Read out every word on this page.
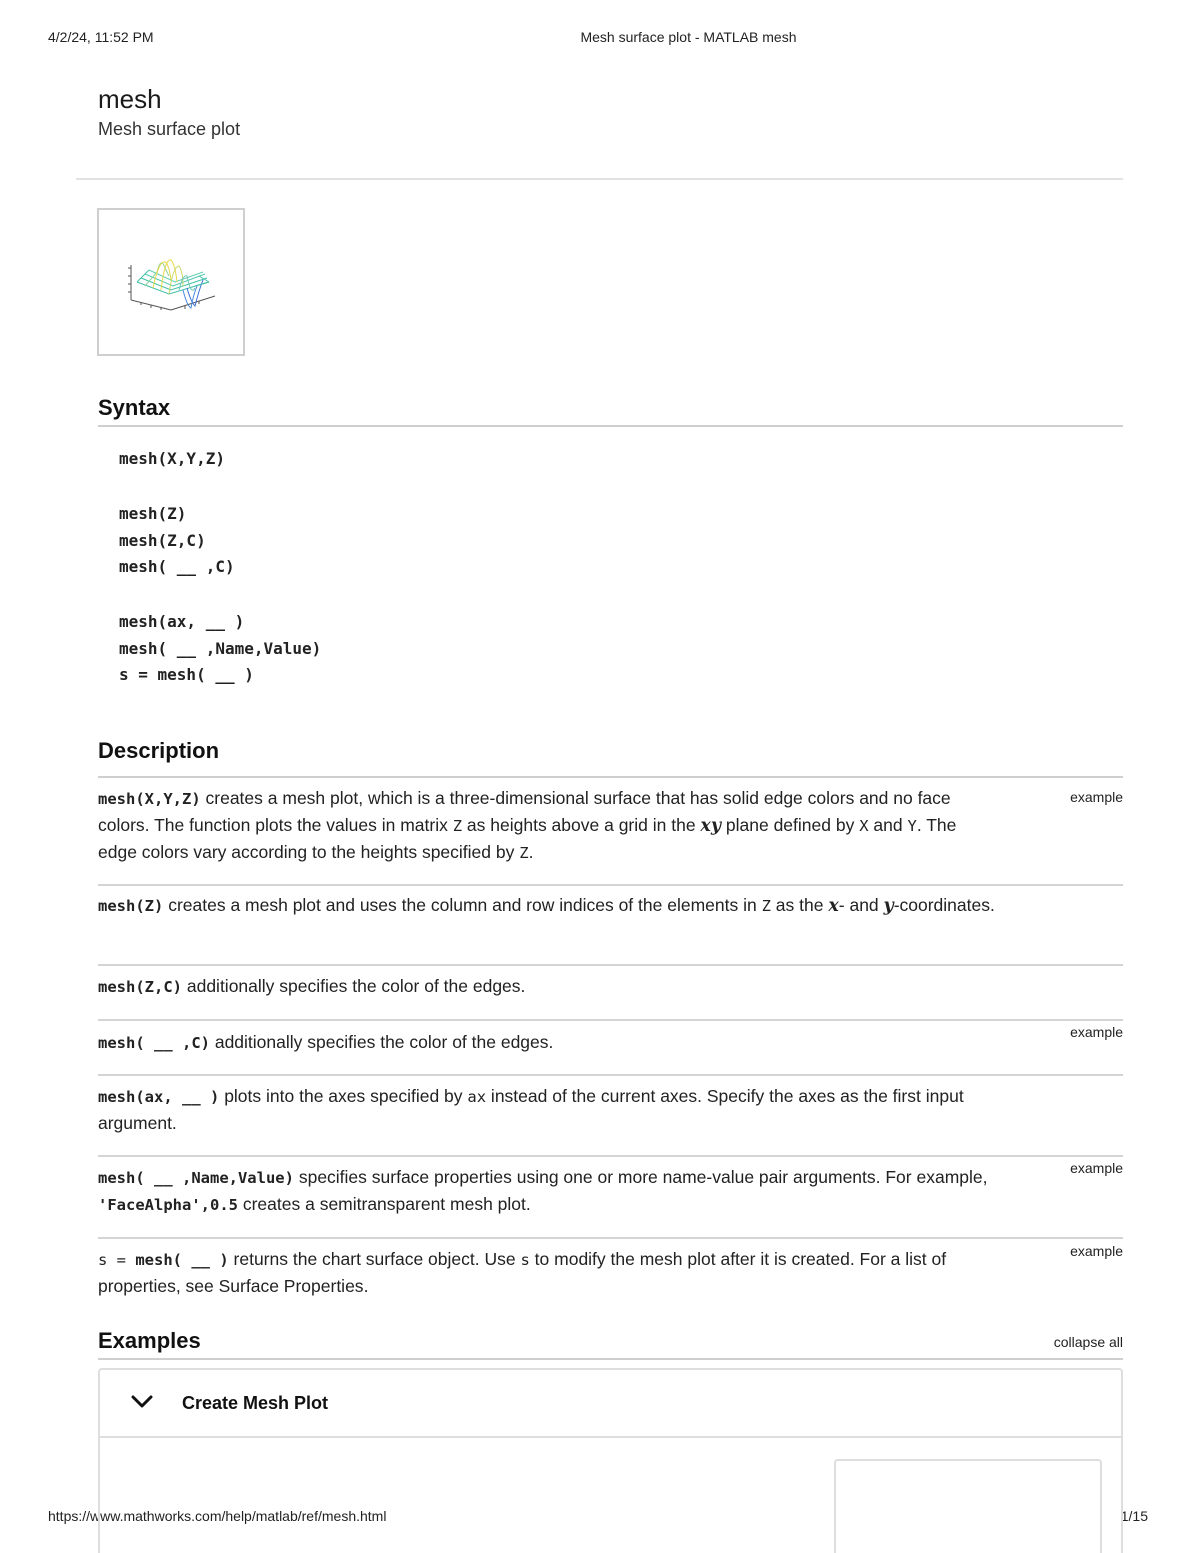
4/2/24, 11:52 PM	Mesh surface plot - MATLAB mesh
https://www.mathworks.com/help/matlab/ref/mesh.html	1/15
mesh
Mesh surface plot
Syntax
mesh(X,Y,Z)
mesh(Z)
mesh(Z,C)
mesh( __ ,C)
mesh(ax, __ )
mesh( __ ,Name,Value)
s = mesh( __ )
Description
mesh(X,Y,Z) creates a mesh plot, which is a three-dimensional surface that has solid edge colors and no face colors. The function plots the values in matrix Z as heights above a grid in the xy plane defined by X and Y. The edge colors vary according to the heights specified by Z.
example
mesh(Z) creates a mesh plot and uses the column and row indices of the elements in Z as the x- and y-coordinates.
mesh(Z,C) additionally specifies the color of the edges.
mesh( __ ,C) additionally specifies the color of the edges.	example
mesh(ax, __ ) plots into the axes specified by ax instead of the current axes. Specify the axes as the first input argument.
mesh( __ ,Name,Value) specifies surface properties using one or more name-value pair arguments. For example, 'FaceAlpha',0.5 creates a semitransparent mesh plot.
example
s = mesh( __ ) returns the chart surface object. Use s to modify the mesh plot after it is created. For a list of properties, see Surface Properties.
example
Examples	collapse all
Create Mesh Plot
